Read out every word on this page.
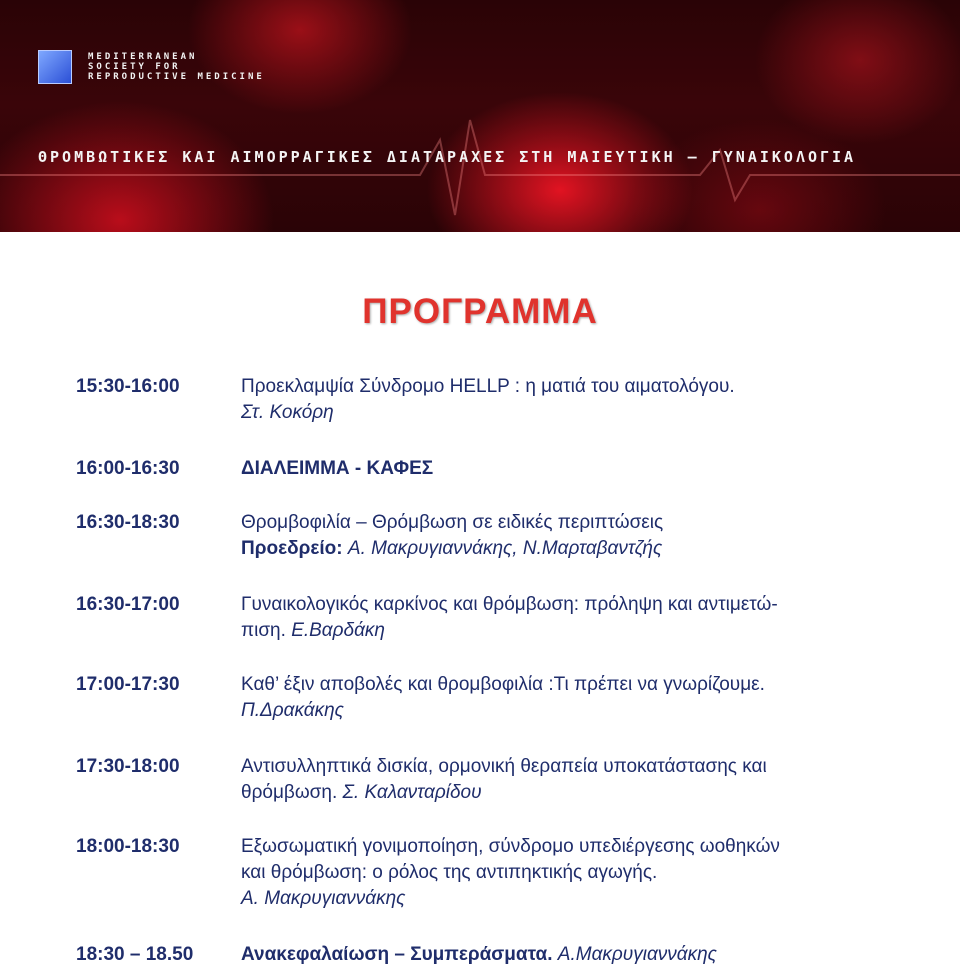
MEDITERRANEAN
SOCIETY FOR
REPRODUCTIVE MEDICINE
ΘΡΟΜΒΩΤΙΚΕΣ ΚΑΙ ΑΙΜΟΡΡΑΓΙΚΕΣ ΔΙΑΤΑΡΑΧΕΣ ΣΤΗ ΜΑΙΕΥΤΙΚΗ – ΓΥΝΑΙΚΟΛΟΓΙΑ
ΠΡΟΓΡΑΜΜΑ
15:30-16:00	Προεκλαμψία Σύνδρομο HELLP : η ματιά του αιματολόγου.
Στ. Κοκόρη
16:00-16:30	ΔΙΑΛΕΙΜΜΑ - ΚΑΦΕΣ
16:30-18:30	Θρομβοφιλία – Θρόμβωση σε ειδικές περιπτώσεις
Προεδρείο: Α. Μακρυγιαννάκης, Ν.Μαρταβαντζής
16:30-17:00	Γυναικολογικός καρκίνος και θρόμβωση: πρόληψη και αντιμετώ-
πιση. Ε.Βαρδάκη
17:00-17:30	Καθ’ έξιν αποβολές και θρομβοφιλία :Τι πρέπει να γνωρίζουμε.
Π.Δρακάκης
17:30-18:00	Αντισυλληπτικά δισκία, ορμονική θεραπεία υποκατάστασης και
θρόμβωση. Σ. Καλανταρίδου
18:00-18:30	Εξωσωματική γονιμοποίηση, σύνδρομο υπεδιέργεσης ωοθηκών
και θρόμβωση: ο ρόλος της αντιπηκτικής αγωγής.
Α. Μακρυγιαννάκης
18:30 – 18.50	Ανακεφαλαίωση – Συμπεράσματα. Α.Μακρυγιαννάκης
